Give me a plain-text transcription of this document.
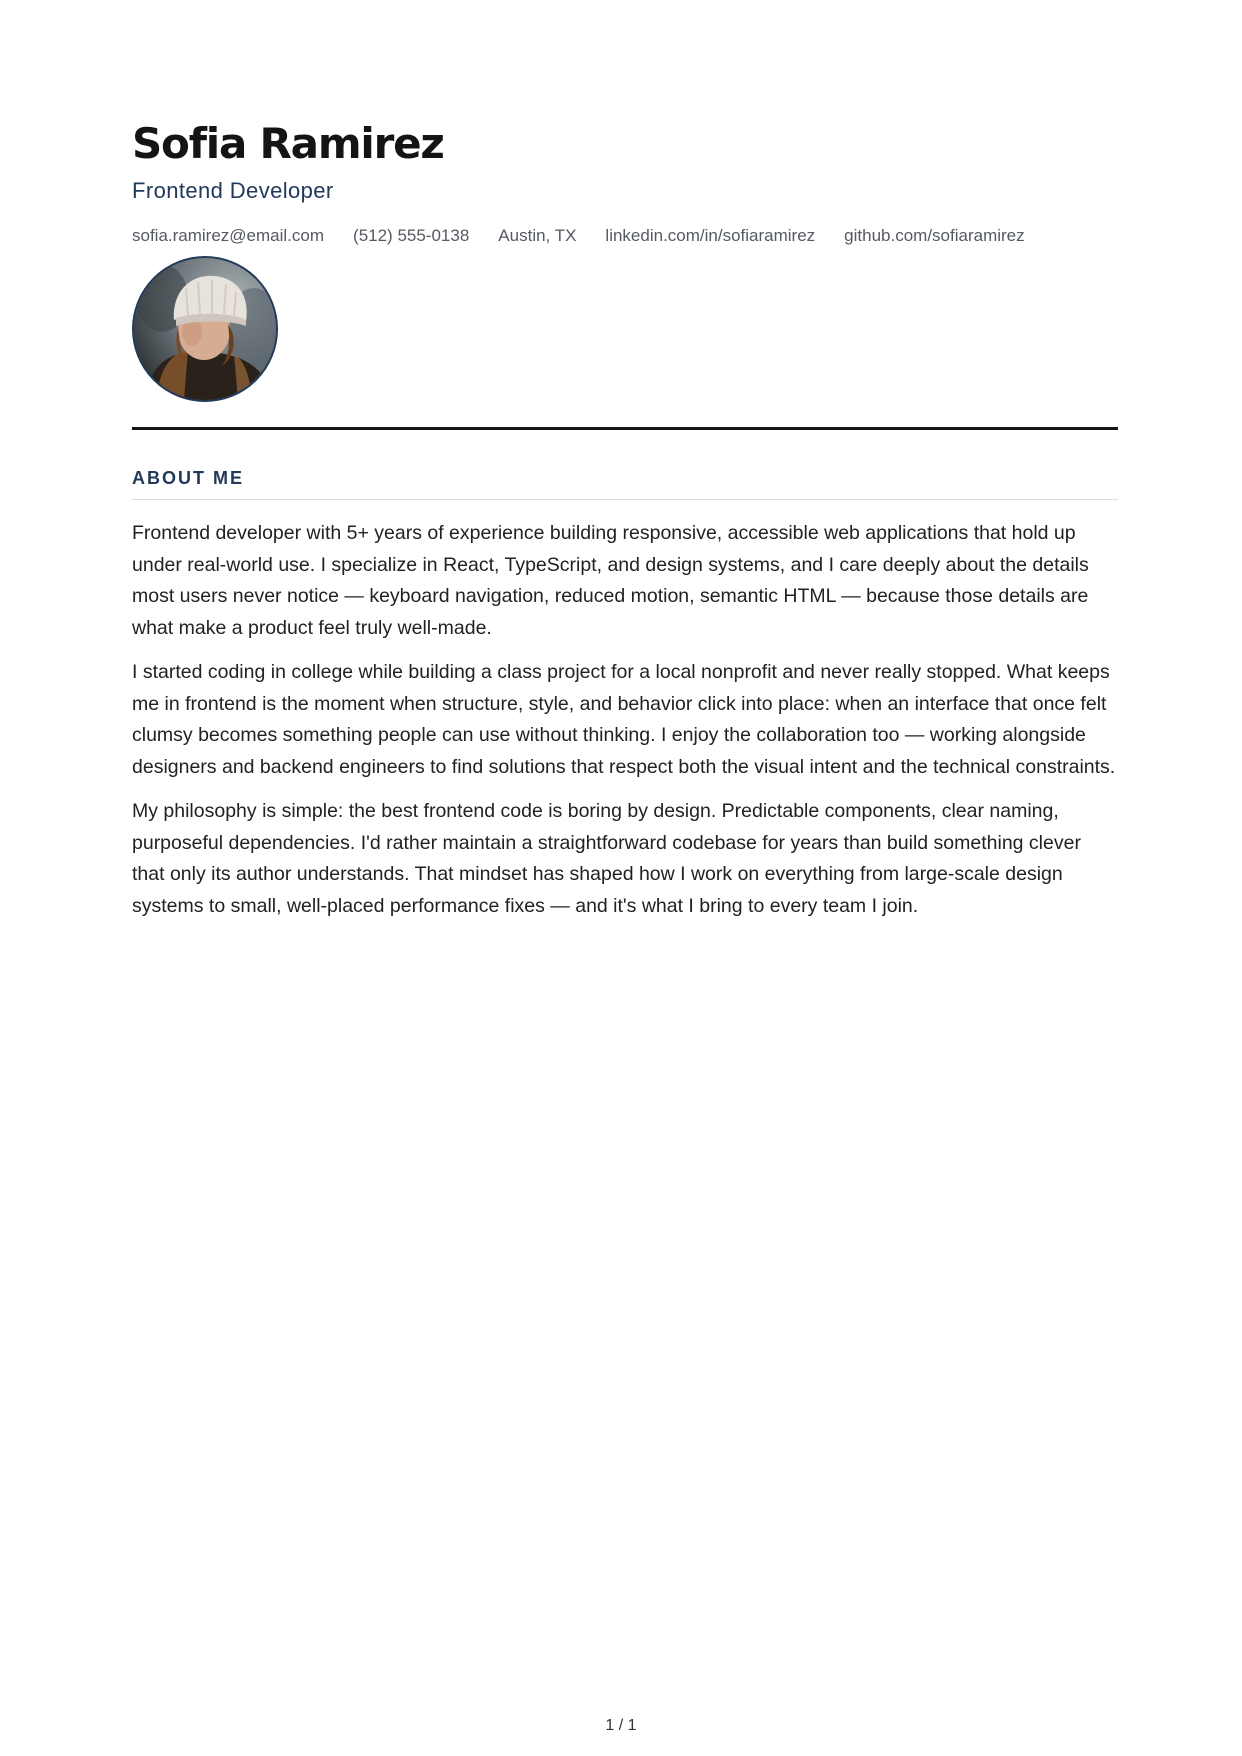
Sofia Ramirez
Frontend Developer
sofia.ramirez@email.com (512) 555-0138 Austin, TX linkedin.com/in/sofiaramirez github.com/sofiaramirez
ABOUT ME

Frontend developer with 5+ years of experience building responsive, accessible web applications that hold up under real-world use. I specialize in React, TypeScript, and design systems, and I care deeply about the details most users never notice — keyboard navigation, reduced motion, semantic HTML — because those details are what make a product feel truly well-made.

I started coding in college while building a class project for a local nonprofit and never really stopped. What keeps me in frontend is the moment when structure, style, and behavior click into place: when an interface that once felt clumsy becomes something people can use without thinking. I enjoy the collaboration too — working alongside designers and backend engineers to find solutions that respect both the visual intent and the technical constraints.

My philosophy is simple: the best frontend code is boring by design. Predictable components, clear naming, purposeful dependencies. I'd rather maintain a straightforward codebase for years than build something clever that only its author understands. That mindset has shaped how I work on everything from large-scale design systems to small, well-placed performance fixes — and it's what I bring to every team I join.

1 / 1
